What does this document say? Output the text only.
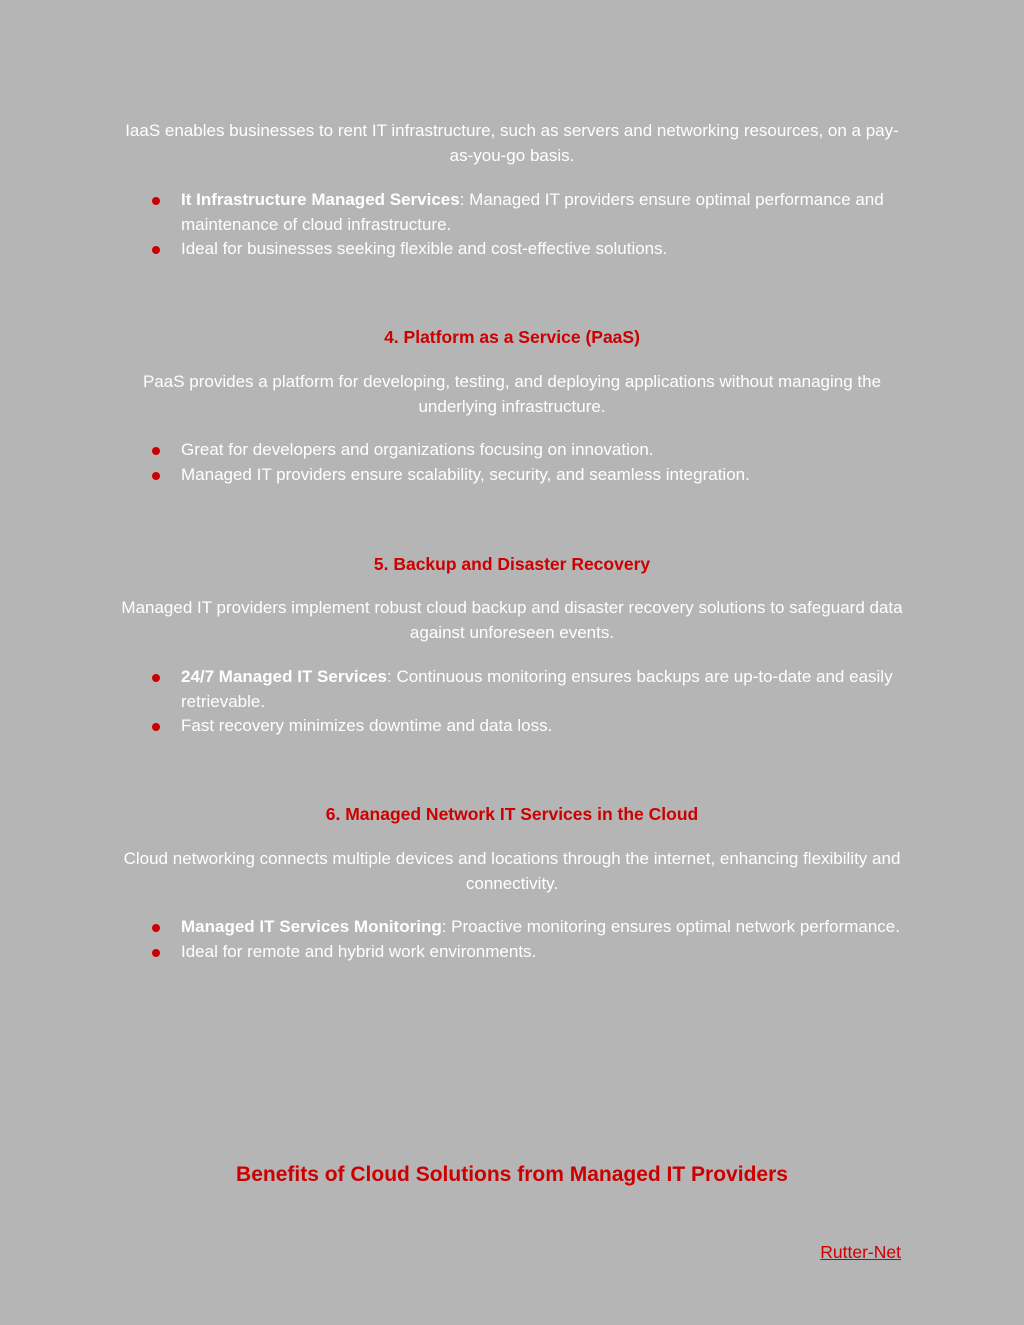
IaaS enables businesses to rent IT infrastructure, such as servers and networking resources, on a pay-as-you-go basis.

It Infrastructure Managed Services: Managed IT providers ensure optimal performance and maintenance of cloud infrastructure.
Ideal for businesses seeking flexible and cost-effective solutions.
4. Platform as a Service (PaaS)

PaaS provides a platform for developing, testing, and deploying applications without managing the underlying infrastructure.

Great for developers and organizations focusing on innovation.
Managed IT providers ensure scalability, security, and seamless integration.
5. Backup and Disaster Recovery

Managed IT providers implement robust cloud backup and disaster recovery solutions to safeguard data against unforeseen events.

24/7 Managed IT Services: Continuous monitoring ensures backups are up-to-date and easily retrievable.
Fast recovery minimizes downtime and data loss.
6. Managed Network IT Services in the Cloud

Cloud networking connects multiple devices and locations through the internet, enhancing flexibility and connectivity.

Managed IT Services Monitoring: Proactive monitoring ensures optimal network performance.
Ideal for remote and hybrid work environments.
Benefits of Cloud Solutions from Managed IT Providers
Rutter-Net
